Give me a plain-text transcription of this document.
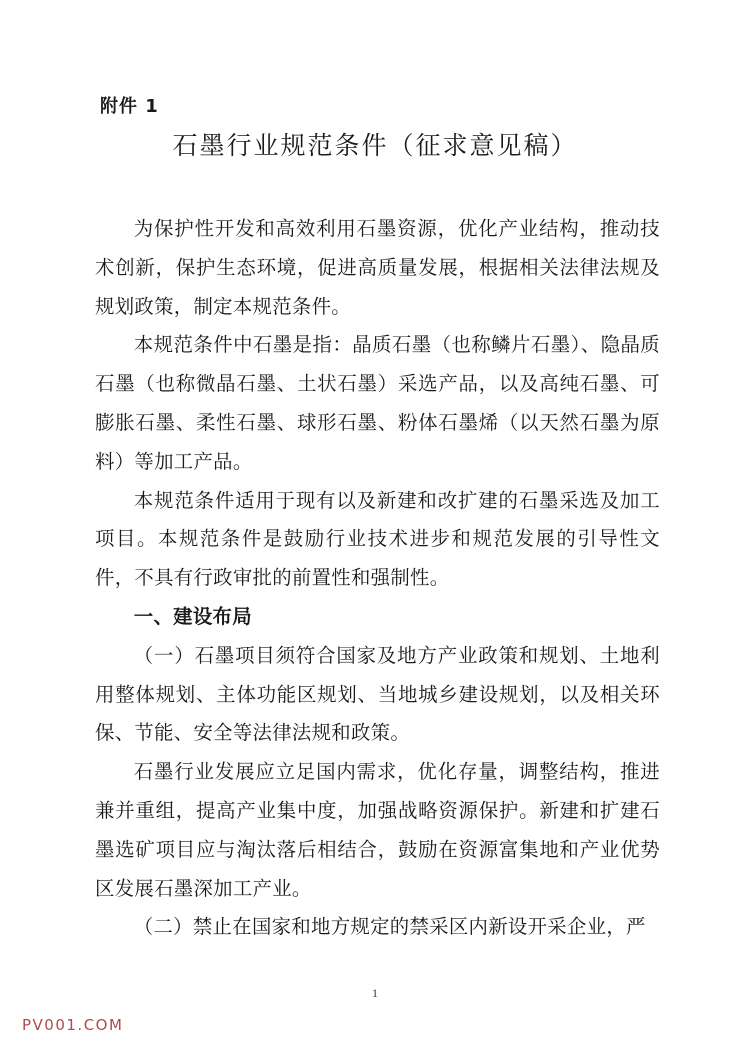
附件 1
石墨行业规范条件（征求意见稿）

为保护性开发和高效利用石墨资源，优化产业结构，推动技术创新，保护生态环境，促进高质量发展，根据相关法律法规及规划政策，制定本规范条件。

本规范条件中石墨是指：晶质石墨（也称鳞片石墨）、隐晶质石墨（也称微晶石墨、土状石墨）采选产品，以及高纯石墨、可膨胀石墨、柔性石墨、球形石墨、粉体石墨烯（以天然石墨为原料）等加工产品。

本规范条件适用于现有以及新建和改扩建的石墨采选及加工项目。本规范条件是鼓励行业技术进步和规范发展的引导性文件，不具有行政审批的前置性和强制性。

一、建设布局

（一）石墨项目须符合国家及地方产业政策和规划、土地利用整体规划、主体功能区规划、当地城乡建设规划，以及相关环保、节能、安全等法律法规和政策。

石墨行业发展应立足国内需求，优化存量，调整结构，推进兼并重组，提高产业集中度，加强战略资源保护。新建和扩建石墨选矿项目应与淘汰落后相结合，鼓励在资源富集地和产业优势区发展石墨深加工产业。

（二）禁止在国家和地方规定的禁采区内新设开采企业，严

1
PV001.COM
